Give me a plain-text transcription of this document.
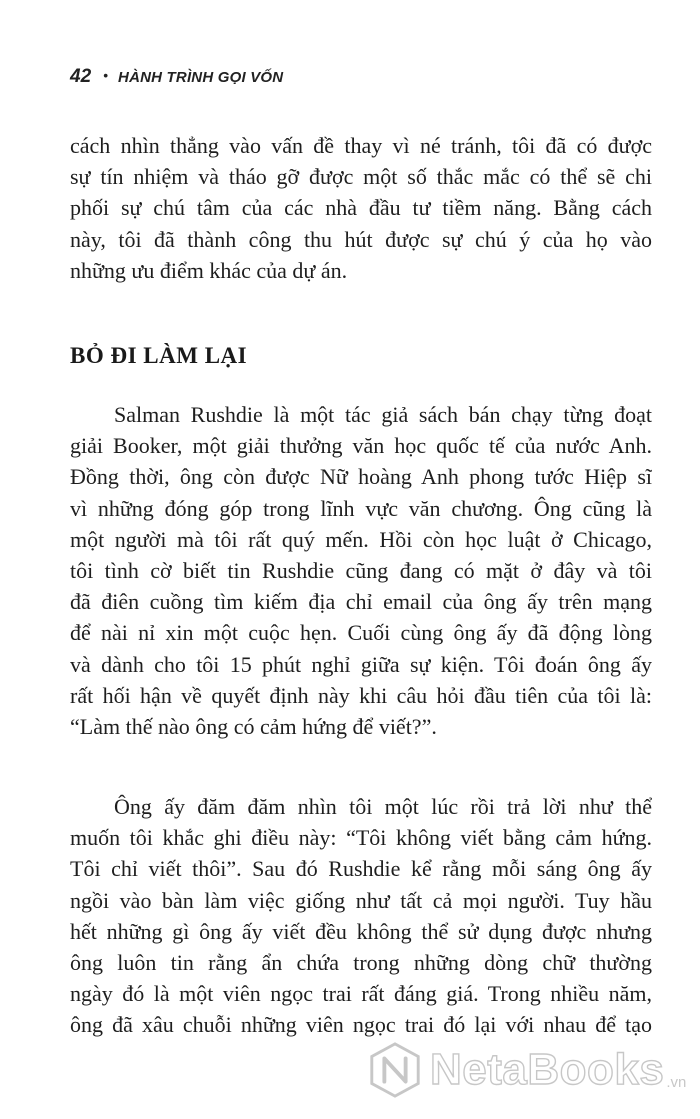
42 • HÀNH TRÌNH GỌI VỐN
cách nhìn thẳng vào vấn đề thay vì né tránh, tôi đã có được
sự tín nhiệm và tháo gỡ được một số thắc mắc có thể sẽ chi
phối sự chú tâm của các nhà đầu tư tiềm năng. Bằng cách
này, tôi đã thành công thu hút được sự chú ý của họ vào
những ưu điểm khác của dự án.
BỎ ĐI LÀM LẠI
Salman Rushdie là một tác giả sách bán chạy từng đoạt
giải Booker, một giải thưởng văn học quốc tế của nước Anh.
Đồng thời, ông còn được Nữ hoàng Anh phong tước Hiệp sĩ
vì những đóng góp trong lĩnh vực văn chương. Ông cũng là
một người mà tôi rất quý mến. Hồi còn học luật ở Chicago,
tôi tình cờ biết tin Rushdie cũng đang có mặt ở đây và tôi
đã điên cuồng tìm kiếm địa chỉ email của ông ấy trên mạng
để nài nỉ xin một cuộc hẹn. Cuối cùng ông ấy đã động lòng
và dành cho tôi 15 phút nghỉ giữa sự kiện. Tôi đoán ông ấy
rất hối hận về quyết định này khi câu hỏi đầu tiên của tôi là:
“Làm thế nào ông có cảm hứng để viết?”.
Ông ấy đăm đăm nhìn tôi một lúc rồi trả lời như thể
muốn tôi khắc ghi điều này: “Tôi không viết bằng cảm hứng.
Tôi chỉ viết thôi”. Sau đó Rushdie kể rằng mỗi sáng ông ấy
ngồi vào bàn làm việc giống như tất cả mọi người. Tuy hầu
hết những gì ông ấy viết đều không thể sử dụng được nhưng
ông luôn tin rằng ẩn chứa trong những dòng chữ thường
ngày đó là một viên ngọc trai rất đáng giá. Trong nhiều năm,
ông đã xâu chuỗi những viên ngọc trai đó lại với nhau để tạo
NetaBooks .vn
